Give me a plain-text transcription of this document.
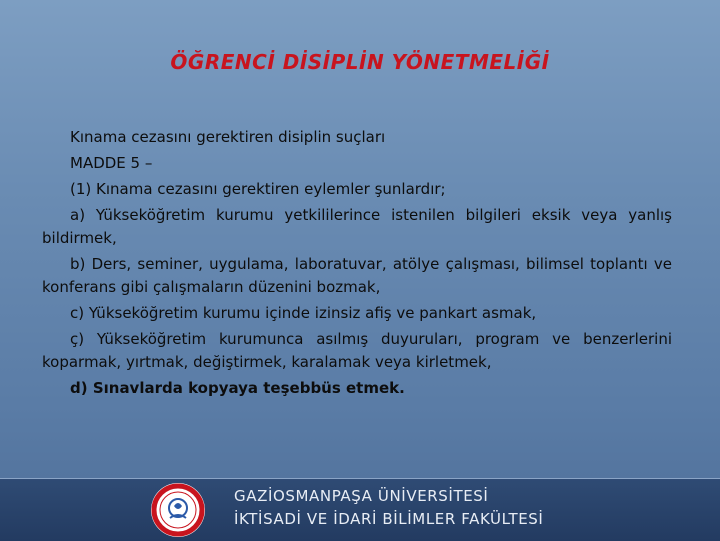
ÖĞRENCİ DİSİPLİN YÖNETMELİĞİ

Kınama cezasını gerektiren disiplin suçları

MADDE 5 –

(1) Kınama cezasını gerektiren eylemler şunlardır;

a) Yükseköğretim kurumu yetkililerince istenilen bilgileri eksik veya yanlış bildirmek,

b) Ders, seminer, uygulama, laboratuvar, atölye çalışması, bilimsel toplantı ve konferans gibi çalışmaların düzenini bozmak,

c) Yükseköğretim kurumu içinde izinsiz afiş ve pankart asmak,

ç) Yükseköğretim kurumunca asılmış duyuruları, program ve benzerlerini koparmak, yırtmak, değiştirmek, karalamak veya kirletmek,

d) Sınavlarda kopyaya teşebbüs etmek.

GAZİOSMANPAŞA ÜNİVERSİTESİ
İKTİSADİ VE İDARİ BİLİMLER FAKÜLTESİ
